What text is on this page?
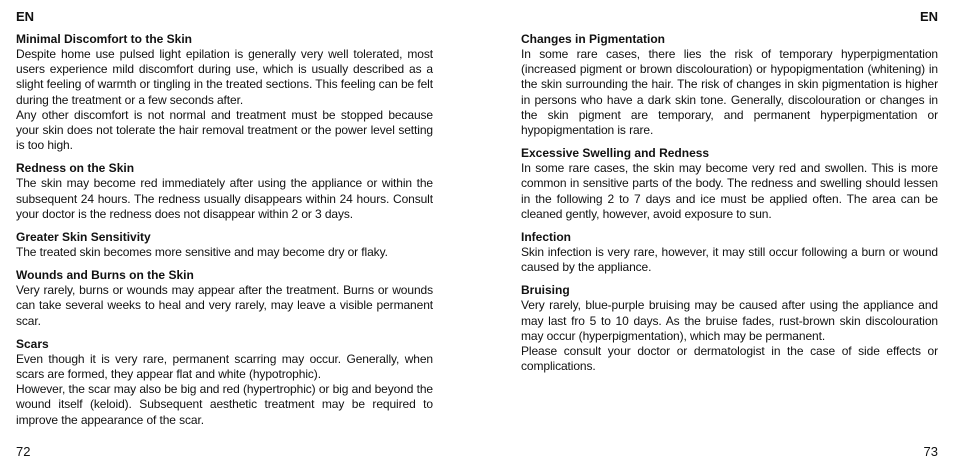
EN

Minimal Discomfort to the Skin

Despite home use pulsed light epilation is generally very well tolerated, most users experience mild discomfort during use, which is usually described as a slight feeling of warmth or tingling in the treated sections. This feeling can be felt during the treatment or a few seconds after.

Any other discomfort is not normal and treatment must be stopped because your skin does not tolerate the hair removal treatment or the power level setting is too high.

Redness on the Skin

The skin may become red immediately after using the appliance or within the subsequent 24 hours. The redness usually disappears within 24 hours. Consult your doctor is the redness does not disappear within 2 or 3 days.

Greater Skin Sensitivity

The treated skin becomes more sensitive and may become dry or flaky.

Wounds and Burns on the Skin

Very rarely, burns or wounds may appear after the treatment. Burns or wounds can take several weeks to heal and very rarely, may leave a visible permanent scar.

Scars

Even though it is very rare, permanent scarring may occur. Generally, when scars are formed, they appear flat and white (hypotrophic).

However, the scar may also be big and red (hypertrophic) or big and beyond the wound itself (keloid). Subsequent aesthetic treatment may be required to improve the appearance of the scar.

72
EN

Changes in Pigmentation

In some rare cases, there lies the risk of temporary hyperpigmentation (increased pigment or brown discolouration) or hypopigmentation (whitening) in the skin surrounding the hair. The risk of changes in skin pigmentation is higher in persons who have a dark skin tone. Generally, discolouration or changes in the skin pigment are temporary, and permanent hyperpigmentation or hypopigmentation is rare.

Excessive Swelling and Redness

In some rare cases, the skin may become very red and swollen. This is more common in sensitive parts of the body. The redness and swelling should lessen in the following 2 to 7 days and ice must be applied often. The area can be cleaned gently, however, avoid exposure to sun.

Infection

Skin infection is very rare, however, it may still occur following a burn or wound caused by the appliance.

Bruising

Very rarely, blue-purple bruising may be caused after using the appliance and may last fro 5 to 10 days. As the bruise fades, rust-brown skin discolouration may occur (hyperpigmentation), which may be permanent.

Please consult your doctor or dermatologist in the case of side effects or complications.

73
